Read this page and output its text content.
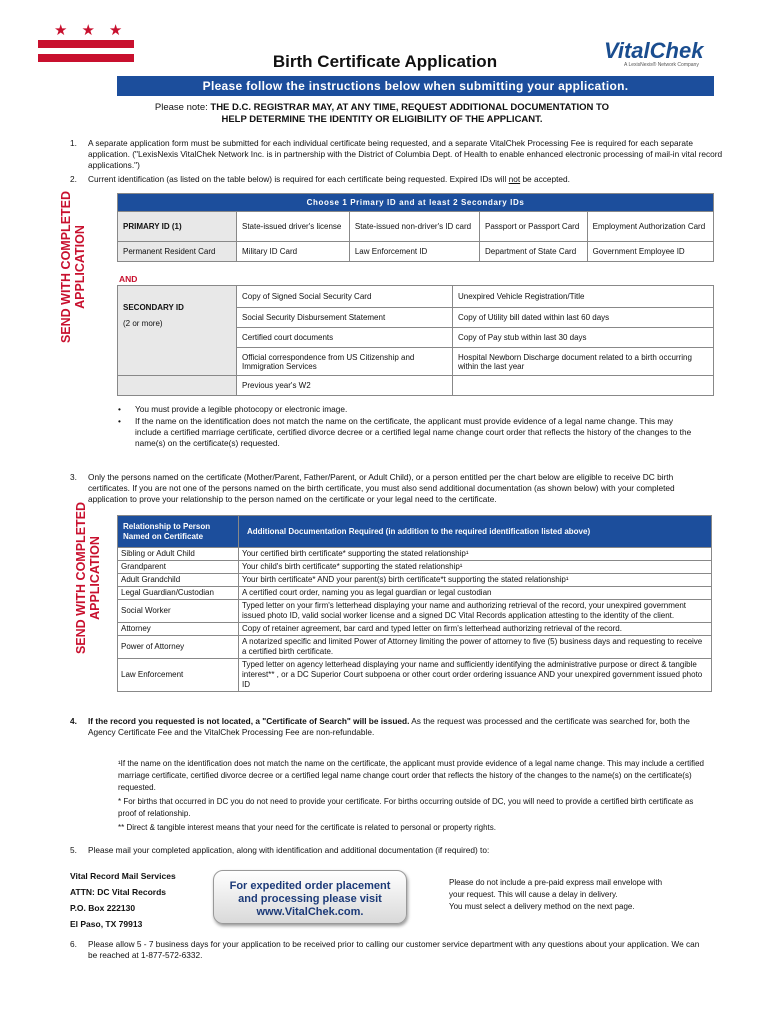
★★★
Birth Certificate Application	VitalChek
A LexisNexis® Network Company
Please follow the instructions below when submitting your application.
Please note: THE D.C. REGISTRAR MAY, AT ANY TIME, REQUEST ADDITIONAL DOCUMENTATION TO
HELP DETERMINE THE IDENTITY OR ELIGIBILITY OF THE APPLICANT.
1.	A separate application form must be submitted for each individual certificate being requested, and a separate VitalChek Processing Fee is required for each separate application. ("LexisNexis VitalChek Network Inc. is in partnership with the District of Columbia Dept. of Health to enable enhanced electronic processing of mail-in vital record applications.")
2.	Current identification (as listed on the table below) is required for each certificate being requested. Expired IDs will not be accepted.
SEND WITH COMPLETED APPLICATION
Choose 1 Primary ID and at least 2 Secondary IDs				
PRIMARY ID (1)	State-issued driver's license	State-issued non-driver's ID card	Passport or Passport Card	Employment Authorization Card
Permanent Resident Card	Military ID Card	Law Enforcement ID	Department of State Card	Government Employee ID
AND
SECONDARY ID
(2 or more)	Copy of Signed Social Security Card	Unexpired Vehicle Registration/Title
	Social Security Disbursement Statement	Copy of Utility bill dated within last 60 days
	Certified court documents	Copy of Pay stub within last 30 days
	Official correspondence from US Citizenship and Immigration Services	Hospital Newborn Discharge document related to a birth occurring within the last year
	Previous year's W2	
• You must provide a legible photocopy or electronic image.
• If the name on the identification does not match the name on the certificate, the applicant must provide evidence of a legal name change. This may include a certified marriage certificate, certified divorce decree or a certified legal name change court order that reflects the history of the changes to the name(s) on the certificate(s) requested.
3.	Only the persons named on the certificate (Mother/Parent, Father/Parent, or Adult Child), or a person entitled per the chart below are eligible to receive DC birth certificates. If you are not one of the persons named on the birth certificate, you must also send additional documentation (as shown below) with your completed application to prove your relationship to the person named on the certificate or your legal need to the certificate.
SEND WITH COMPLETED APPLICATION
Relationship to Person Named on Certificate	Additional Documentation Required (in addition to the required identification listed above)
Sibling or Adult Child	Your certified birth certificate* supporting the stated relationship¹
Grandparent	Your child's birth certificate* supporting the stated relationship¹
Adult Grandchild	Your birth certificate* AND your parent(s) birth certificate*t supporting the stated relationship¹
Legal Guardian/Custodian	A certified court order, naming you as legal guardian or legal custodian
Social Worker	Typed letter on your firm's letterhead displaying your name and authorizing retrieval of the record, your unexpired government issued photo ID, valid social worker license and a signed DC Vital Records application attesting to the identity of the client.
Attorney	Copy of retainer agreement, bar card and typed letter on firm's letterhead authorizing retrieval of the record.
Power of Attorney	A notarized specific and limited Power of Attorney limiting the power of attorney to five (5) business days and requesting to receive a certified birth certificate.
Law Enforcement	Typed letter on agency letterhead displaying your name and sufficiently identifying the administrative purpose or direct & tangible interest** , or a DC Superior Court subpoena or other court order ordering issuance AND your unexpired government issued photo ID
4.	If the record you requested is not located, a "Certificate of Search" will be issued. As the request was processed and the certificate was searched for, both the Agency Certificate Fee and the VitalChek Processing Fee are non-refundable.
¹If the name on the identification does not match the name on the certificate, the applicant must provide evidence of a legal name change. This may include a certified marriage certificate, certified divorce decree or a certified legal name change court order that reflects the history of the changes to the name(s) on the certificate(s) requested.
* For births that occurred in DC you do not need to provide your certificate. For births occurring outside of DC, you will need to provide a certified birth certificate as proof of relationship.
** Direct & tangible interest means that your need for the certificate is related to personal or property rights.
5.	Please mail your completed application, along with identification and additional documentation (if required) to:
Vital Record Mail Services
ATTN: DC Vital Records
P.O. Box 222130
El Paso, TX 79913
For expedited order placement
and processing please visit
www.VitalChek.com.
Please do not include a pre-paid express mail envelope with
your request. This will cause a delay in delivery.
You must select a delivery method on the next page.
6.	Please allow 5 - 7 business days for your application to be received prior to calling our customer service department with any questions about your application. We can be reached at 1-877-572-6332.
